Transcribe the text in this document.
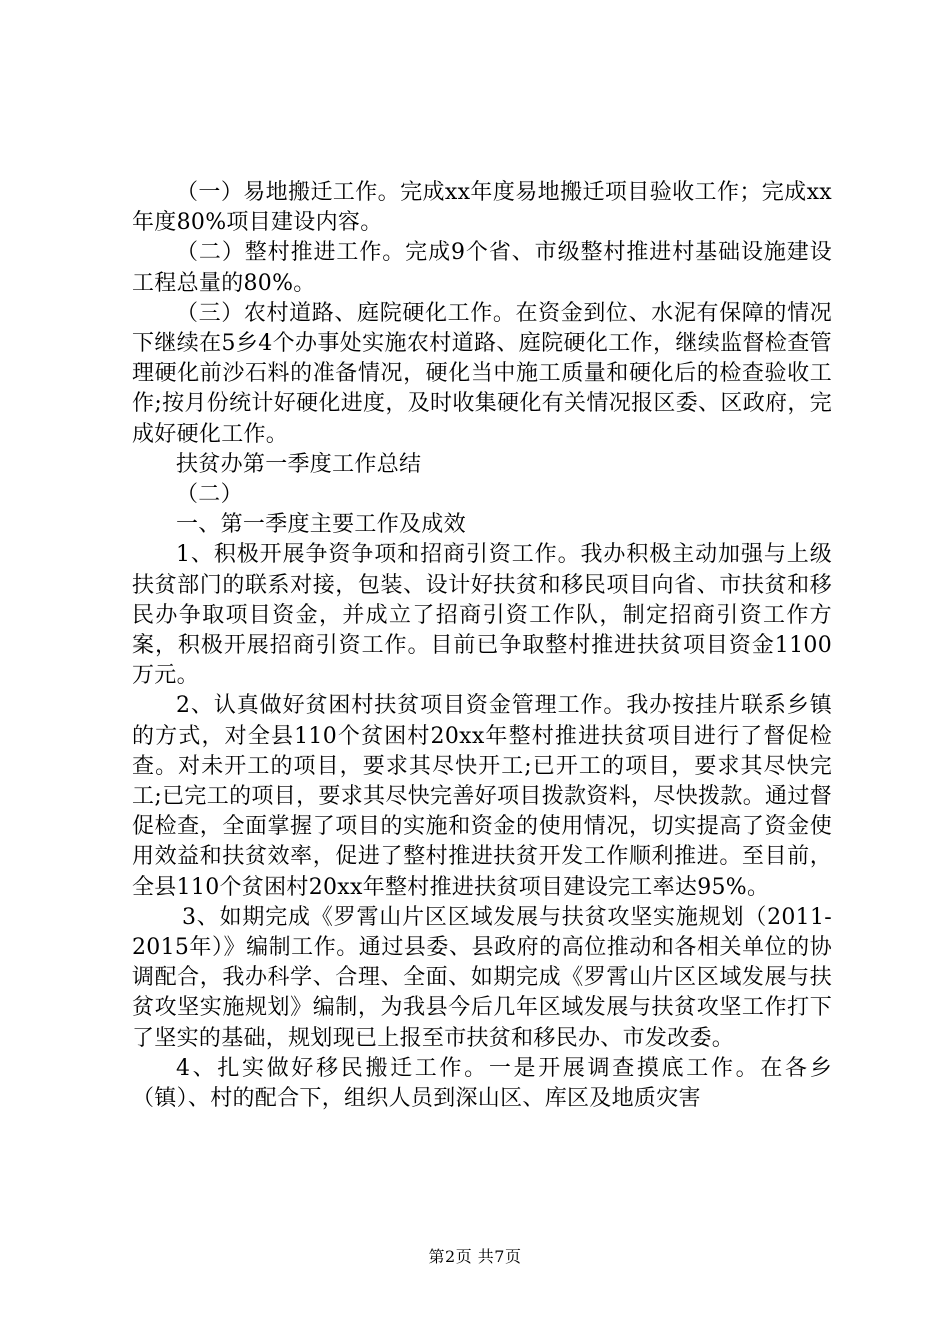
（一）易地搬迁工作。完成xx年度易地搬迁项目验收工作；完成xx年度80%项目建设内容。

（二）整村推进工作。完成9个省、市级整村推进村基础设施建设工程总量的80%。

（三）农村道路、庭院硬化工作。在资金到位、水泥有保障的情况下继续在5乡4个办事处实施农村道路、庭院硬化工作，继续监督检查管理硬化前沙石料的准备情况，硬化当中施工质量和硬化后的检查验收工作;按月份统计好硬化进度，及时收集硬化有关情况报区委、区政府，完成好硬化工作。

扶贫办第一季度工作总结

（二）

一、第一季度主要工作及成效

1、积极开展争资争项和招商引资工作。我办积极主动加强与上级扶贫部门的联系对接，包装、设计好扶贫和移民项目向省、市扶贫和移民办争取项目资金，并成立了招商引资工作队，制定招商引资工作方案，积极开展招商引资工作。目前已争取整村推进扶贫项目资金1100万元。

2、认真做好贫困村扶贫项目资金管理工作。我办按挂片联系乡镇的方式，对全县110个贫困村20xx年整村推进扶贫项目进行了督促检查。对未开工的项目，要求其尽快开工;已开工的项目，要求其尽快完工;已完工的项目，要求其尽快完善好项目拨款资料，尽快拨款。通过督促检查，全面掌握了项目的实施和资金的使用情况，切实提高了资金使用效益和扶贫效率，促进了整村推进扶贫开发工作顺利推进。至目前，全县110个贫困村20xx年整村推进扶贫项目建设完工率达95%。

3、如期完成《罗霄山片区区域发展与扶贫攻坚实施规划（2011-2015年）》编制工作。通过县委、县政府的高位推动和各相关单位的协调配合，我办科学、合理、全面、如期完成《罗霄山片区区域发展与扶贫攻坚实施规划》编制，为我县今后几年区域发展与扶贫攻坚工作打下了坚实的基础，规划现已上报至市扶贫和移民办、市发改委。

4、扎实做好移民搬迁工作。一是开展调查摸底工作。在各乡（镇）、村的配合下，组织人员到深山区、库区及地质灾害

第2页 共7页
